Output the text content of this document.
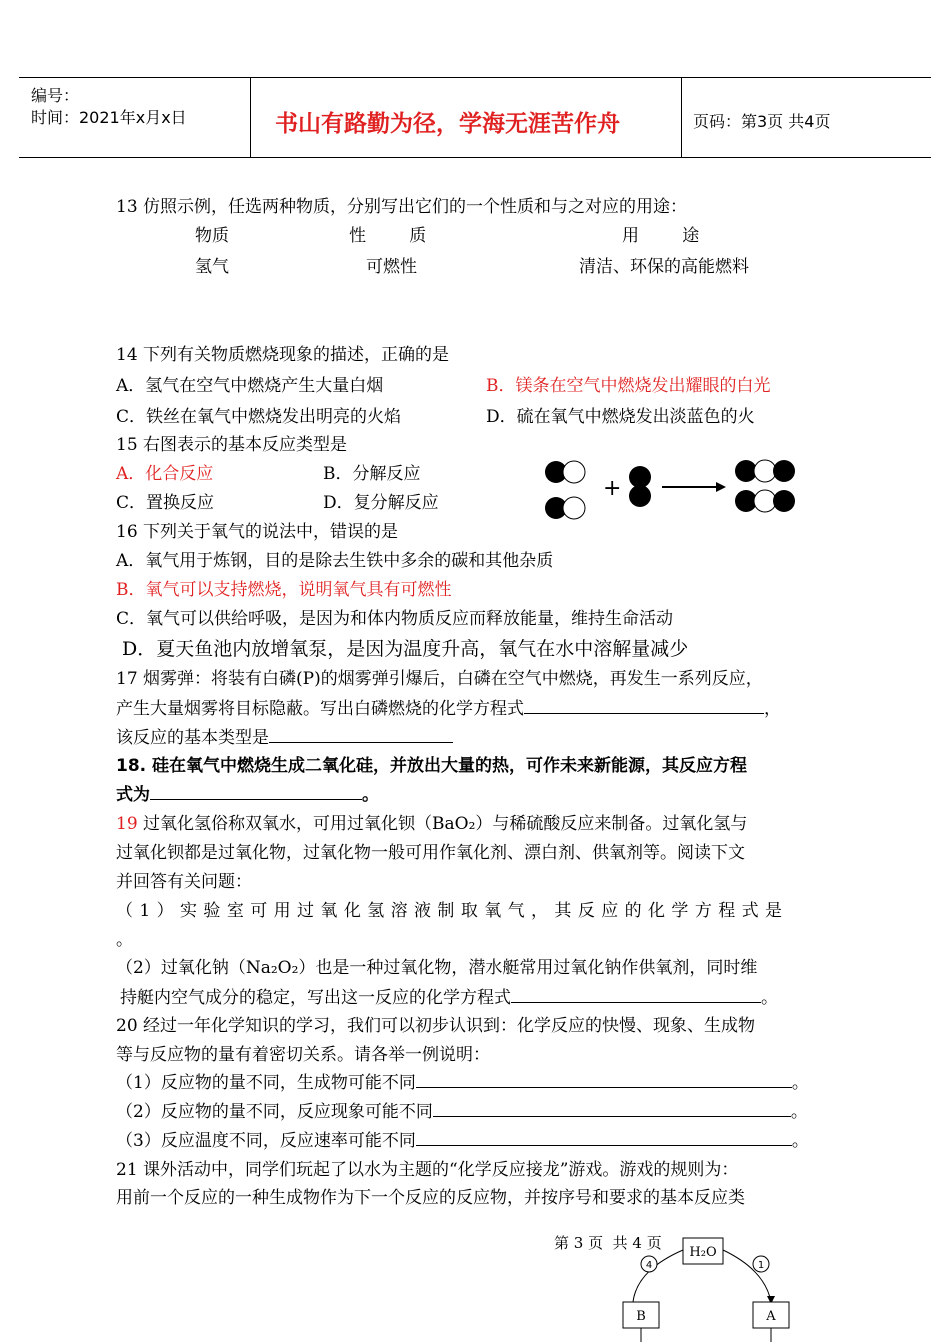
编号：
时间：2021年x月x日	书山有路勤为径，学海无涯苦作舟	页码：第3页 共4页
13 仿照示例，任选两种物质，分别写出它们的一个性质和与之对应的用途：
物质	性        质	用        途
氢气	可燃性	清洁、环保的高能燃料
14 下列有关物质燃烧现象的描述，正确的是
A．氢气在空气中燃烧产生大量白烟	B．镁条在空气中燃烧发出耀眼的白光
C．铁丝在氧气中燃烧发出明亮的火焰	D．硫在氧气中燃烧发出淡蓝色的火
15 右图表示的基本反应类型是
A．化合反应	B．分解反应
C．置换反应	D．复分解反应
+
16 下列关于氧气的说法中，错误的是
A．氧气用于炼钢，目的是除去生铁中多余的碳和其他杂质
B．氧气可以支持燃烧，说明氧气具有可燃性
C．氧气可以供给呼吸，是因为和体内物质反应而释放能量，维持生命活动
D．夏天鱼池内放增氧泵，是因为温度升高，氧气在水中溶解量减少
17 烟雾弹：将装有白磷(P)的烟雾弹引爆后，白磷在空气中燃烧，再发生一系列反应，
产生大量烟雾将目标隐蔽。写出白磷燃烧的化学方程式	，
该反应的基本类型是
18. 硅在氧气中燃烧生成二氧化硅，并放出大量的热，可作未来新能源，其反应方程
式为	。
19 过氧化氢俗称双氧水，可用过氧化钡（BaO₂）与稀硫酸反应来制备。过氧化氢与
过氧化钡都是过氧化物，过氧化物一般可用作氧化剂、漂白剂、供氧剂等。阅读下文
并回答有关问题：
（1）实验室可用过氧化氢溶液制取氧气，其反应的化学方程式是
。
（2）过氧化钠（Na₂O₂）也是一种过氧化物，潜水艇常用过氧化钠作供氧剂，同时维
持艇内空气成分的稳定，写出这一反应的化学方程式	。
20 经过一年化学知识的学习，我们可以初步认识到：化学反应的快慢、现象、生成物
等与反应物的量有着密切关系。请各举一例说明：
（1）反应物的量不同，生成物可能不同	。
（2）反应物的量不同，反应现象可能不同	。
（3）反应温度不同，反应速率可能不同	。
21 课外活动中，同学们玩起了以水为主题的“化学反应接龙”游戏。游戏的规则为：
用前一个反应的一种生成物作为下一个反应的反应物，并按序号和要求的基本反应类
第 3 页  共 4 页
H₂O
B	A
4	1
